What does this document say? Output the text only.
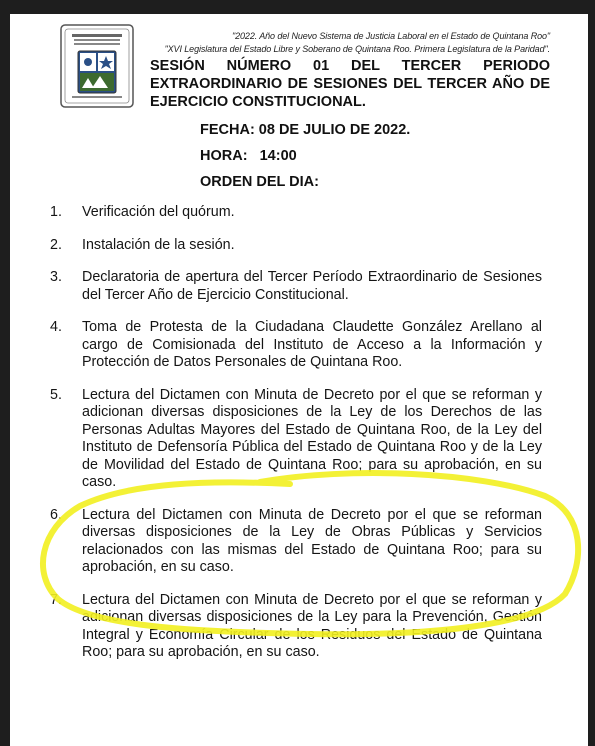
"2022. Año del Nuevo Sistema de Justicia Laboral en el Estado de Quintana Roo"
"XVI Legislatura del Estado Libre y Soberano de Quintana Roo. Primera Legislatura de la Paridad".

SESIÓN NÚMERO 01 DEL TERCER PERIODO EXTRAORDINARIO DE SESIONES DEL TERCER AÑO DE EJERCICIO CONSTITUCIONAL.

FECHA: 08 DE JULIO DE 2022.
HORA:   14:00
ORDEN DEL DIA:
1. Verificación del quórum.
2. Instalación de la sesión.
3. Declaratoria de apertura del Tercer Período Extraordinario de Sesiones del Tercer Año de Ejercicio Constitucional.
4. Toma de Protesta de la Ciudadana Claudette González Arellano al cargo de Comisionada del Instituto de Acceso a la Información y Protección de Datos Personales de Quintana Roo.
5. Lectura del Dictamen con Minuta de Decreto por el que se reforman y adicionan diversas disposiciones de la Ley de los Derechos de las Personas Adultas Mayores del Estado de Quintana Roo, de la Ley del Instituto de Defensoría Pública del Estado de Quintana Roo y de la Ley de Movilidad del Estado de Quintana Roo; para su aprobación, en su caso.
6. Lectura del Dictamen con Minuta de Decreto por el que se reforman diversas disposiciones de la Ley de Obras Públicas y Servicios relacionados con las mismas del Estado de Quintana Roo; para su aprobación, en su caso.
7. Lectura del Dictamen con Minuta de Decreto por el que se reforman y adicionan diversas disposiciones de la Ley para la Prevención, Gestión Integral y Economía Circular de los Residuos del Estado de Quintana Roo; para su aprobación, en su caso.
